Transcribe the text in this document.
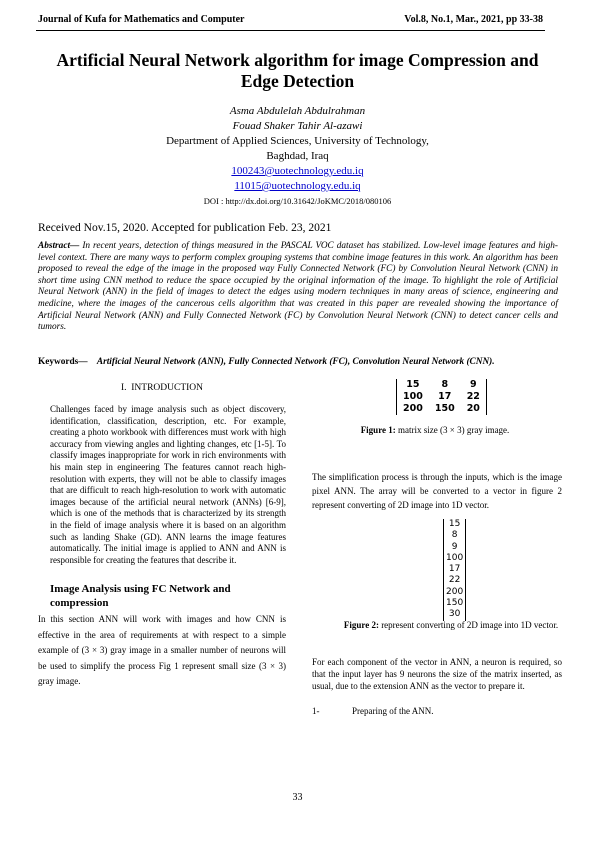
Journal of Kufa for Mathematics and Computer	Vol.8, No.1, Mar., 2021, pp 33-38
Artificial Neural Network algorithm for image Compression and Edge Detection
Asma Abdulelah Abdulrahman
Fouad Shaker Tahir Al-azawi
Department of Applied Sciences, University of Technology,
Baghdad, Iraq
100243@uotechnology.edu.iq
11015@uotechnology.edu.iq
DOI : http://dx.doi.org/10.31642/JoKMC/2018/080106
Received Nov.15, 2020. Accepted for publication Feb. 23, 2021
Abstract— In recent years, detection of things measured in the PASCAL VOC dataset has stabilized. Low-level image features and high-level context. There are many ways to perform complex grouping systems that combine image features in this work. An algorithm has been proposed to reveal the edge of the image in the proposed way Fully Connected Network (FC) by Convolution Neural Network (CNN) in short time using CNN method to reduce the space occupied by the original information of the image. To highlight the role of Artificial Neural Network (ANN) in the field of images to detect the edges using modern techniques in many areas of science, engineering and medicine, where the images of the cancerous cells algorithm that was created in this paper are revealed showing the importance of Artificial Neural Network (ANN) and Fully Connected Network (FC) by Convolution Neural Network (CNN) to detect cancer cells and tumors.
Keywords— Artificial Neural Network (ANN), Fully Connected Network (FC), Convolution Neural Network (CNN).
I. INTRODUCTION

Challenges faced by image analysis such as object discovery, identification, classification, description, etc. For example, creating a photo workbook with differences must work with high accuracy from viewing angles and lighting changes, etc [1-5]. To classify images inappropriate for work in rich environments with his main step in engineering The features cannot reach high-resolution with experts, they will not be able to classify images that are difficult to reach high-resolution to work with automatic images because of the artificial neural network (ANNs) [6-9], which is one of the methods that is characterized by its strength in the field of image analysis where it is based on an algorithm such as landing Shake (GD). ANN learns the image features automatically. The initial image is applied to ANN and ANN is responsible for creating the features that describe it.

Image Analysis using FC Network and compression
In this section ANN will work with images and how CNN is effective in the area of requirements at with respect to a simple example of (3 × 3) gray image in a smaller number of neurons will be used to simplify the process Fig 1 represent small size (3 × 3) gray image.
15	8	9
100	17	22
200	150	20
Figure 1: matrix size (3 × 3) gray image.
The simplification process is through the inputs, which is the image pixel ANN. The array will be converted to a vector in figure 2 represent converting of 2D image into 1D vector.
15
8
9
100
17
22
200
150
30
Figure 2: represent converting of 2D image into 1D vector.
For each component of the vector in ANN, a neuron is required, so that the input layer has 9 neurons the size of the matrix inserted, as usual, due to the extension ANN as the vector to prepare it.
1-	Preparing of the ANN.
33
